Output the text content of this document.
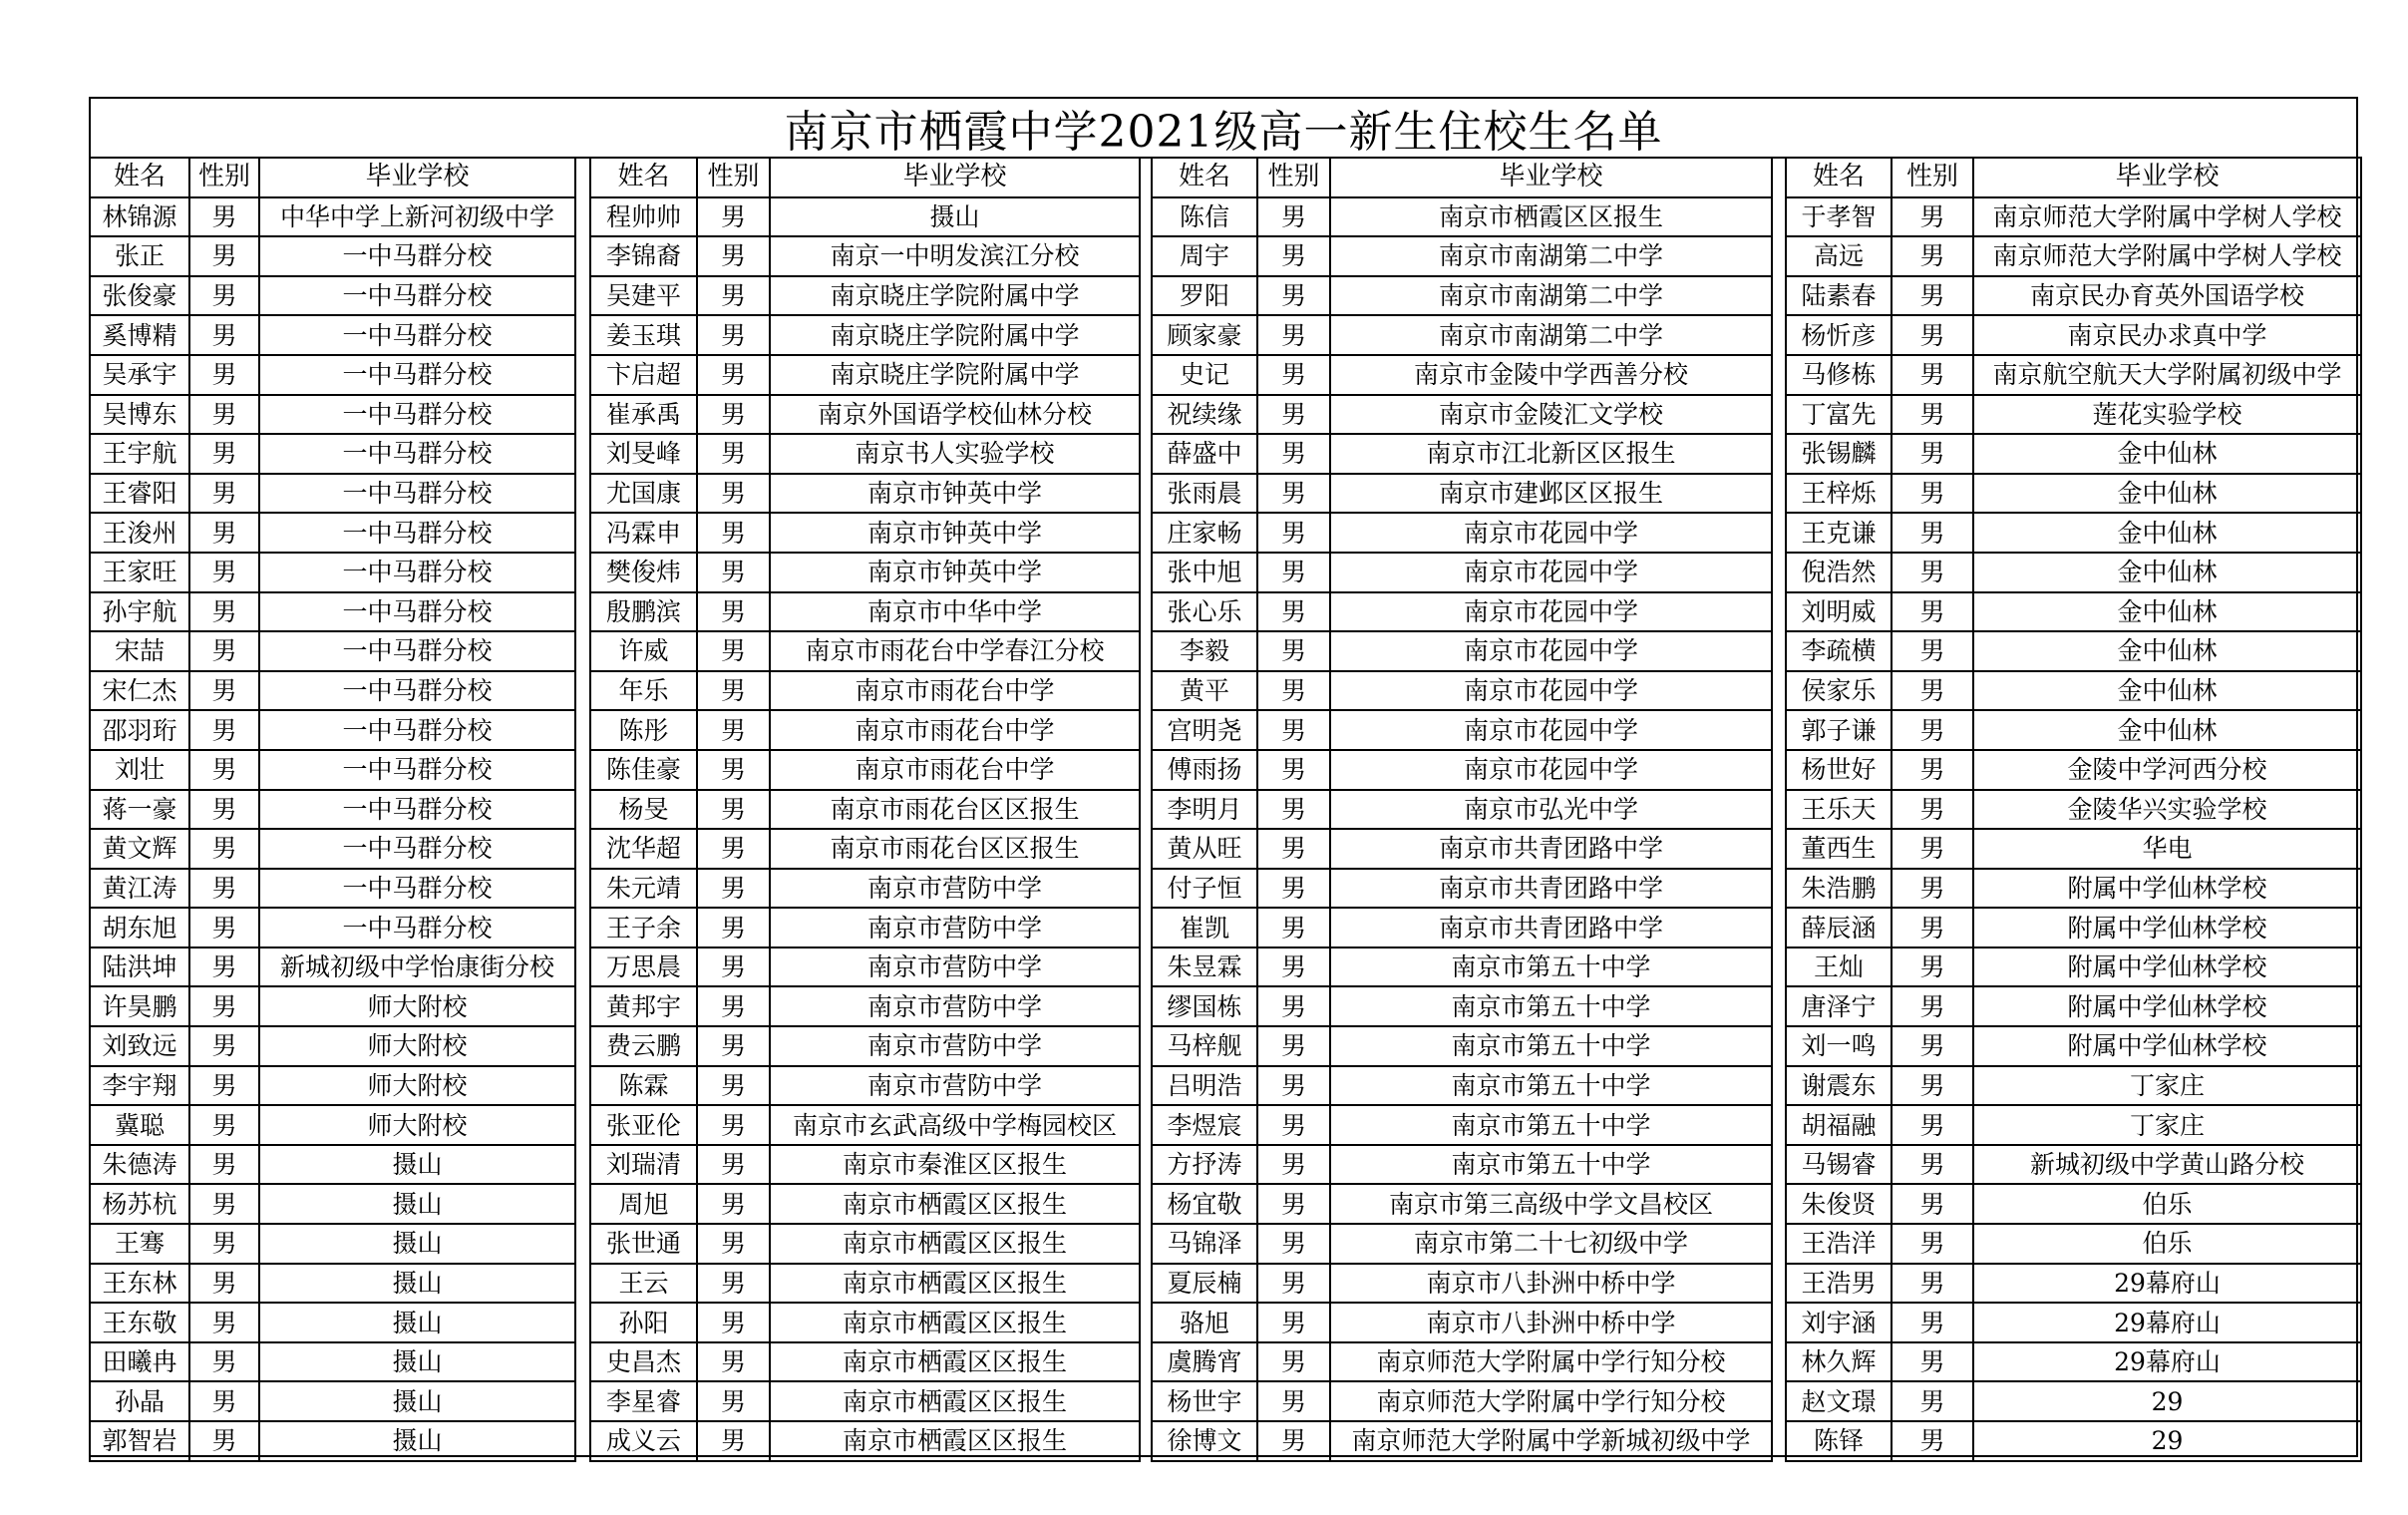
南京市栖霞中学2021级高一新生住校生名单
姓名	性别	毕业学校
林锦源	男	中华中学上新河初级中学
张正	男	一中马群分校
张俊豪	男	一中马群分校
奚博精	男	一中马群分校
吴承宇	男	一中马群分校
吴博东	男	一中马群分校
王宇航	男	一中马群分校
王睿阳	男	一中马群分校
王浚州	男	一中马群分校
王家旺	男	一中马群分校
孙宇航	男	一中马群分校
宋喆	男	一中马群分校
宋仁杰	男	一中马群分校
邵羽珩	男	一中马群分校
刘壮	男	一中马群分校
蒋一豪	男	一中马群分校
黄文辉	男	一中马群分校
黄江涛	男	一中马群分校
胡东旭	男	一中马群分校
陆洪坤	男	新城初级中学怡康街分校
许昊鹏	男	师大附校
刘致远	男	师大附校
李宇翔	男	师大附校
冀聪	男	师大附校
朱德涛	男	摄山
杨苏杭	男	摄山
王骞	男	摄山
王东林	男	摄山
王东敬	男	摄山
田曦冉	男	摄山
孙晶	男	摄山
郭智岩	男	摄山
姓名	性别	毕业学校
程帅帅	男	摄山
李锦裔	男	南京一中明发滨江分校
吴建平	男	南京晓庄学院附属中学
姜玉琪	男	南京晓庄学院附属中学
卞启超	男	南京晓庄学院附属中学
崔承禹	男	南京外国语学校仙林分校
刘旻峰	男	南京书人实验学校
尤国康	男	南京市钟英中学
冯霖申	男	南京市钟英中学
樊俊炜	男	南京市钟英中学
殷鹏滨	男	南京市中华中学
许威	男	南京市雨花台中学春江分校
年乐	男	南京市雨花台中学
陈彤	男	南京市雨花台中学
陈佳豪	男	南京市雨花台中学
杨旻	男	南京市雨花台区区报生
沈华超	男	南京市雨花台区区报生
朱元靖	男	南京市营防中学
王子余	男	南京市营防中学
万思晨	男	南京市营防中学
黄邦宇	男	南京市营防中学
费云鹏	男	南京市营防中学
陈霖	男	南京市营防中学
张亚伦	男	南京市玄武高级中学梅园校区
刘瑞清	男	南京市秦淮区区报生
周旭	男	南京市栖霞区区报生
张世通	男	南京市栖霞区区报生
王云	男	南京市栖霞区区报生
孙阳	男	南京市栖霞区区报生
史昌杰	男	南京市栖霞区区报生
李星睿	男	南京市栖霞区区报生
成义云	男	南京市栖霞区区报生
姓名	性别	毕业学校
陈信	男	南京市栖霞区区报生
周宇	男	南京市南湖第二中学
罗阳	男	南京市南湖第二中学
顾家豪	男	南京市南湖第二中学
史记	男	南京市金陵中学西善分校
祝续缘	男	南京市金陵汇文学校
薛盛中	男	南京市江北新区区报生
张雨晨	男	南京市建邺区区报生
庄家畅	男	南京市花园中学
张中旭	男	南京市花园中学
张心乐	男	南京市花园中学
李毅	男	南京市花园中学
黄平	男	南京市花园中学
宫明尧	男	南京市花园中学
傅雨扬	男	南京市花园中学
李明月	男	南京市弘光中学
黄从旺	男	南京市共青团路中学
付子恒	男	南京市共青团路中学
崔凯	男	南京市共青团路中学
朱昱霖	男	南京市第五十中学
缪国栋	男	南京市第五十中学
马梓舰	男	南京市第五十中学
吕明浩	男	南京市第五十中学
李煜宸	男	南京市第五十中学
方抒涛	男	南京市第五十中学
杨宜敬	男	南京市第三高级中学文昌校区
马锦泽	男	南京市第二十七初级中学
夏辰楠	男	南京市八卦洲中桥中学
骆旭	男	南京市八卦洲中桥中学
虞腾宵	男	南京师范大学附属中学行知分校
杨世宇	男	南京师范大学附属中学行知分校
徐博文	男	南京师范大学附属中学新城初级中学
姓名	性别	毕业学校
于孝智	男	南京师范大学附属中学树人学校
高远	男	南京师范大学附属中学树人学校
陆素春	男	南京民办育英外国语学校
杨忻彦	男	南京民办求真中学
马修栋	男	南京航空航天大学附属初级中学
丁富先	男	莲花实验学校
张锡麟	男	金中仙林
王梓烁	男	金中仙林
王克谦	男	金中仙林
倪浩然	男	金中仙林
刘明威	男	金中仙林
李疏横	男	金中仙林
侯家乐	男	金中仙林
郭子谦	男	金中仙林
杨世好	男	金陵中学河西分校
王乐天	男	金陵华兴实验学校
董西生	男	华电
朱浩鹏	男	附属中学仙林学校
薛辰涵	男	附属中学仙林学校
王灿	男	附属中学仙林学校
唐泽宁	男	附属中学仙林学校
刘一鸣	男	附属中学仙林学校
谢震东	男	丁家庄
胡福融	男	丁家庄
马锡睿	男	新城初级中学黄山路分校
朱俊贤	男	伯乐
王浩洋	男	伯乐
王浩男	男	29幕府山
刘宇涵	男	29幕府山
林久辉	男	29幕府山
赵文璟	男	29
陈铎	男	29
